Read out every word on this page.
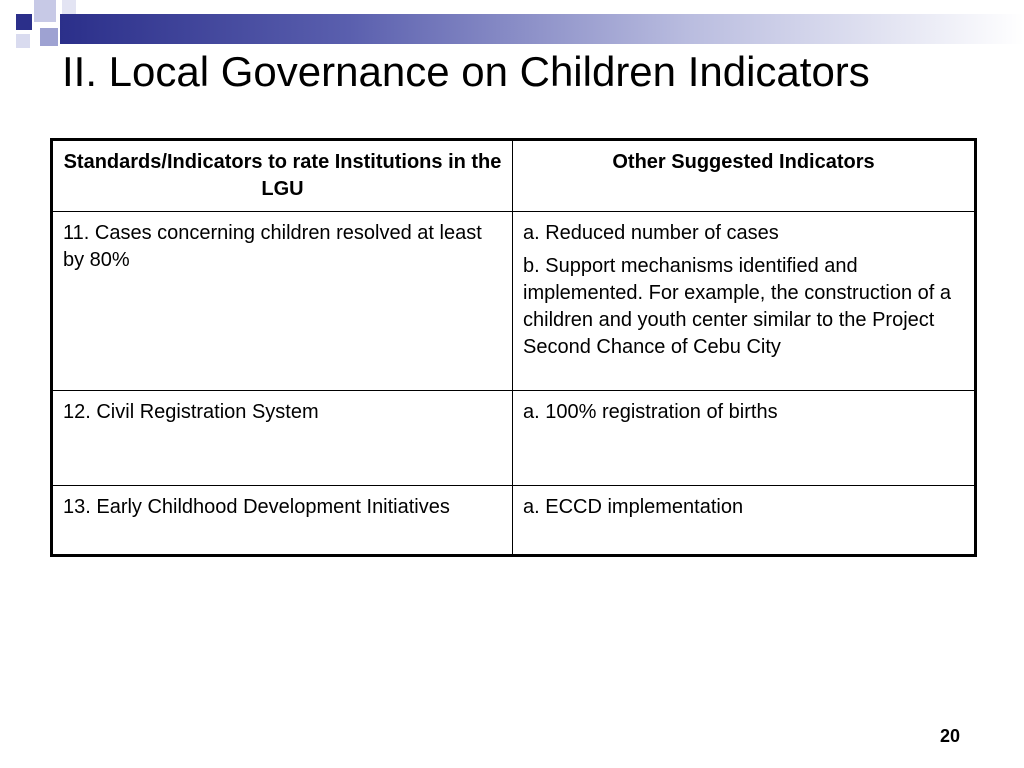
II. Local Governance on Children Indicators
Standards/Indicators to rate Institutions in the LGU	Other Suggested Indicators
11. Cases concerning children resolved at least by 80%	a. Reduced number of cases
b. Support mechanisms identified and implemented. For example, the construction of a children and youth center similar to the Project Second Chance of Cebu City

12. Civil Registration System	a. 100% registration of births

13. Early Childhood Development Initiatives	a. ECCD implementation
20
